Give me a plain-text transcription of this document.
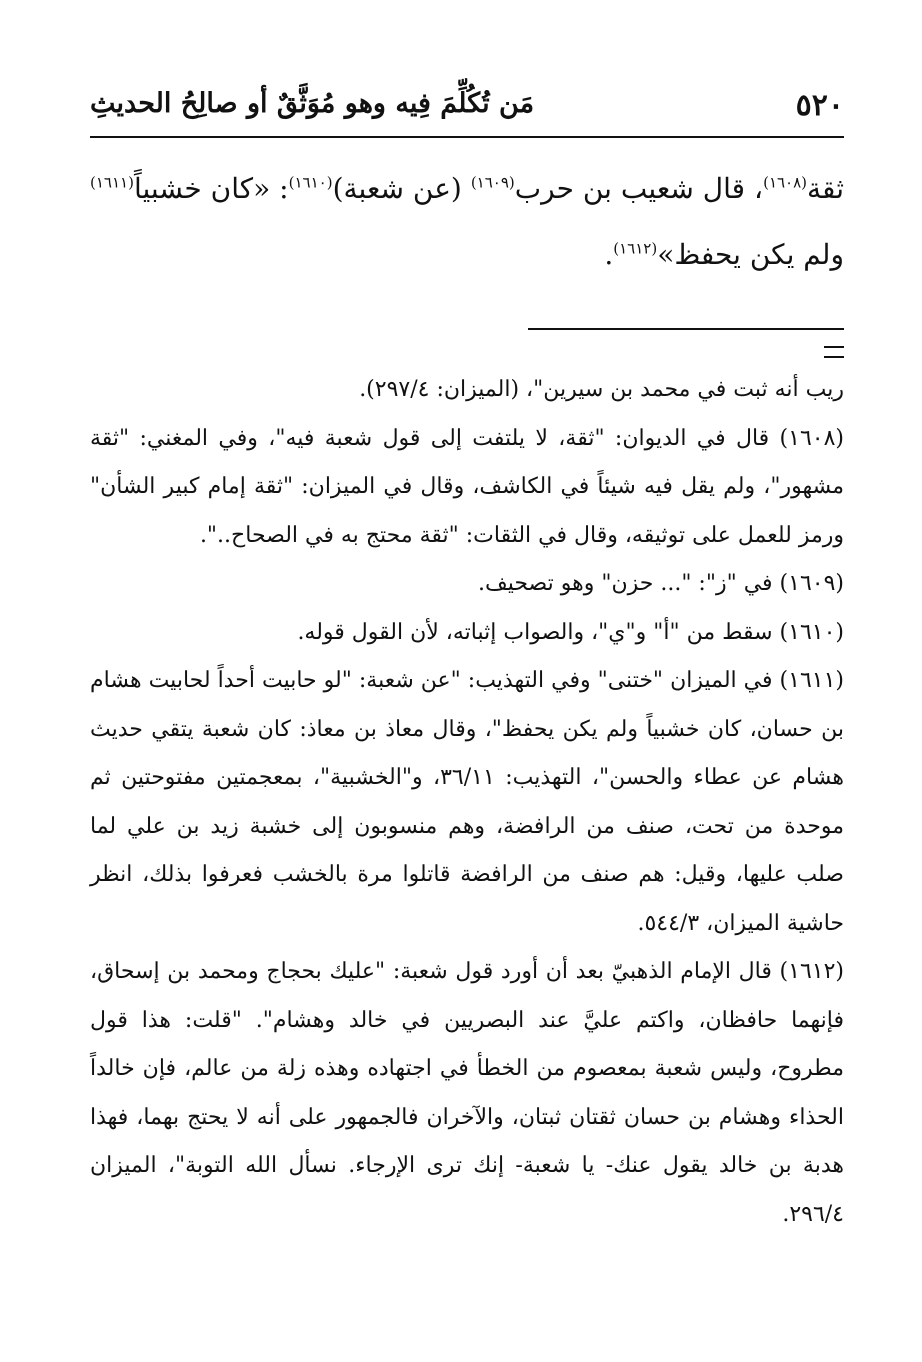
٥٢٠
مَن تُكُلِّمَ فِيه وهو مُوَثَّقٌ أو صالِحُ الحديثِ

ثقة$^{(١٦٠٨)}$، قال شعيب بن حرب$^{(١٦٠٩)}$ (عن شعبة)$^{(١٦١٠)}$: «كان خشبياً$^{(١٦١١)}$ ولم يكن يحفظ»$^{(١٦١٢)}$.

ريب أنه ثبت في محمد بن سيرين"، (الميزان: ٢٩٧/٤).

(١٦٠٨) قال في الديوان: "ثقة، لا يلتفت إلى قول شعبة فيه"، وفي المغني: "ثقة مشهور"، ولم يقل فيه شيئاً في الكاشف، وقال في الميزان: "ثقة إمام كبير الشأن" ورمز للعمل على توثيقه، وقال في الثقات: "ثقة محتج به في الصحاح..".

(١٦٠٩) في "ز": "... حزن" وهو تصحيف.

(١٦١٠) سقط من "أ" و"ي"، والصواب إثباته، لأن القول قوله.

(١٦١١) في الميزان "ختنى" وفي التهذيب: "عن شعبة: "لو حابيت أحداً لحابيت هشام بن حسان، كان خشبياً ولم يكن يحفظ"، وقال معاذ بن معاذ: كان شعبة يتقي حديث هشام عن عطاء والحسن"، التهذيب: ٣٦/١١، و"الخشبية"، بمعجمتين مفتوحتين ثم موحدة من تحت، صنف من الرافضة، وهم منسوبون إلى خشبة زيد بن علي لما صلب عليها، وقيل: هم صنف من الرافضة قاتلوا مرة بالخشب فعرفوا بذلك، انظر حاشية الميزان، ٥٤٤/٣.

(١٦١٢) قال الإمام الذهبيّ بعد أن أورد قول شعبة: "عليك بحجاج ومحمد بن إسحاق، فإنهما حافظان، واكتم عليَّ عند البصريين في خالد وهشام". "قلت: هذا قول مطروح، وليس شعبة بمعصوم من الخطأ في اجتهاده وهذه زلة من عالم، فإن خالداً الحذاء وهشام بن حسان ثقتان ثبتان، والآخران فالجمهور على أنه لا يحتج بهما، فهذا هدبة بن خالد يقول عنك- يا شعبة- إنك ترى الإرجاء. نسأل الله التوبة"، الميزان ٢٩٦/٤.
